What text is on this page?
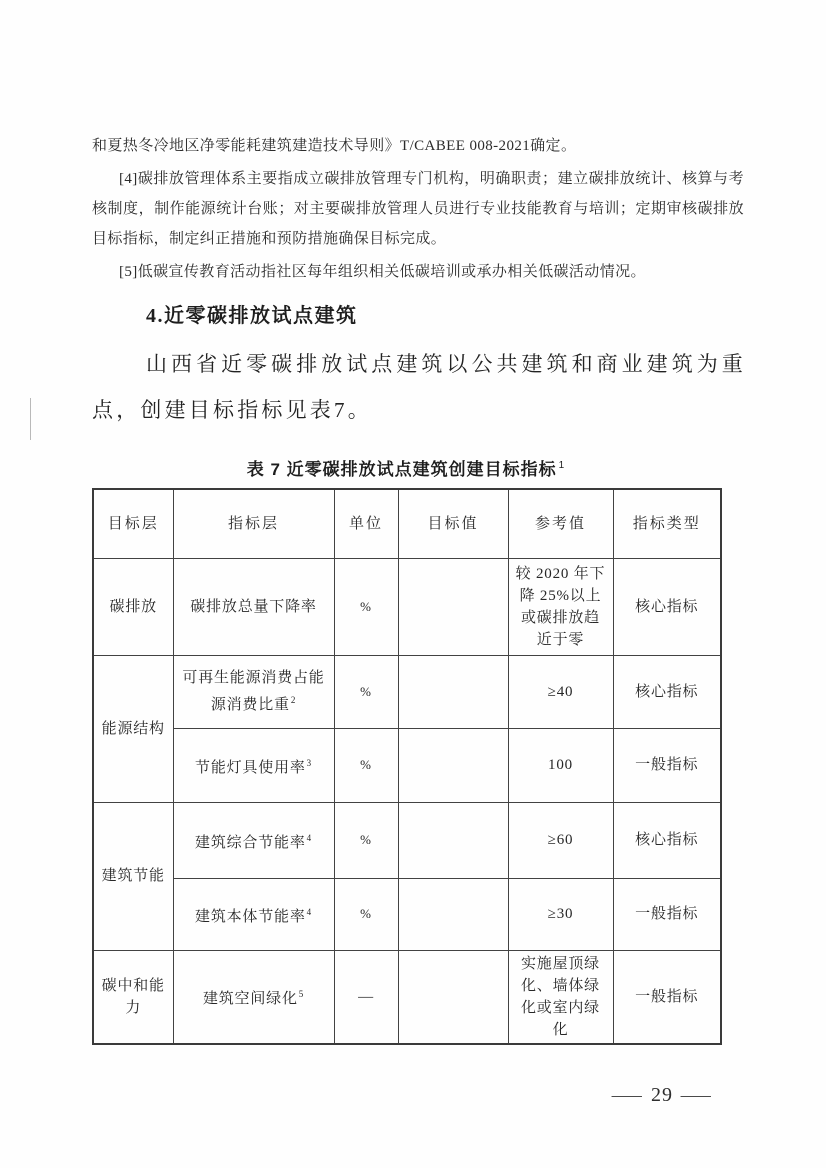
和夏热冬冷地区净零能耗建筑建造技术导则》T/CABEE 008-2021确定。

[4]碳排放管理体系主要指成立碳排放管理专门机构，明确职责；建立碳排放统计、核算与考核制度，制作能源统计台账；对主要碳排放管理人员进行专业技能教育与培训；定期审核碳排放目标指标，制定纠正措施和预防措施确保目标完成。

[5]低碳宣传教育活动指社区每年组织相关低碳培训或承办相关低碳活动情况。

4.近零碳排放试点建筑
山西省近零碳排放试点建筑以公共建筑和商业建筑为重点，创建目标指标见表7。
表 7 近零碳排放试点建筑创建目标指标 $^1$
目标层	指标层	单位	目标值	参考值	指标类型
碳排放	碳排放总量下降率	%		较 2020 年下降 25%以上或碳排放趋近于零	核心指标
能源结构	可再生能源消费占能源消费比重$^2$	%		≥40	核心指标
	节能灯具使用率$^3$	%		100	一般指标
建筑节能	建筑综合节能率$^4$	%		≥60	核心指标
	建筑本体节能率$^4$	%		≥30	一般指标
碳中和能力	建筑空间绿化$^5$	—		实施屋顶绿化、墙体绿化或室内绿化	一般指标
— 29 —
